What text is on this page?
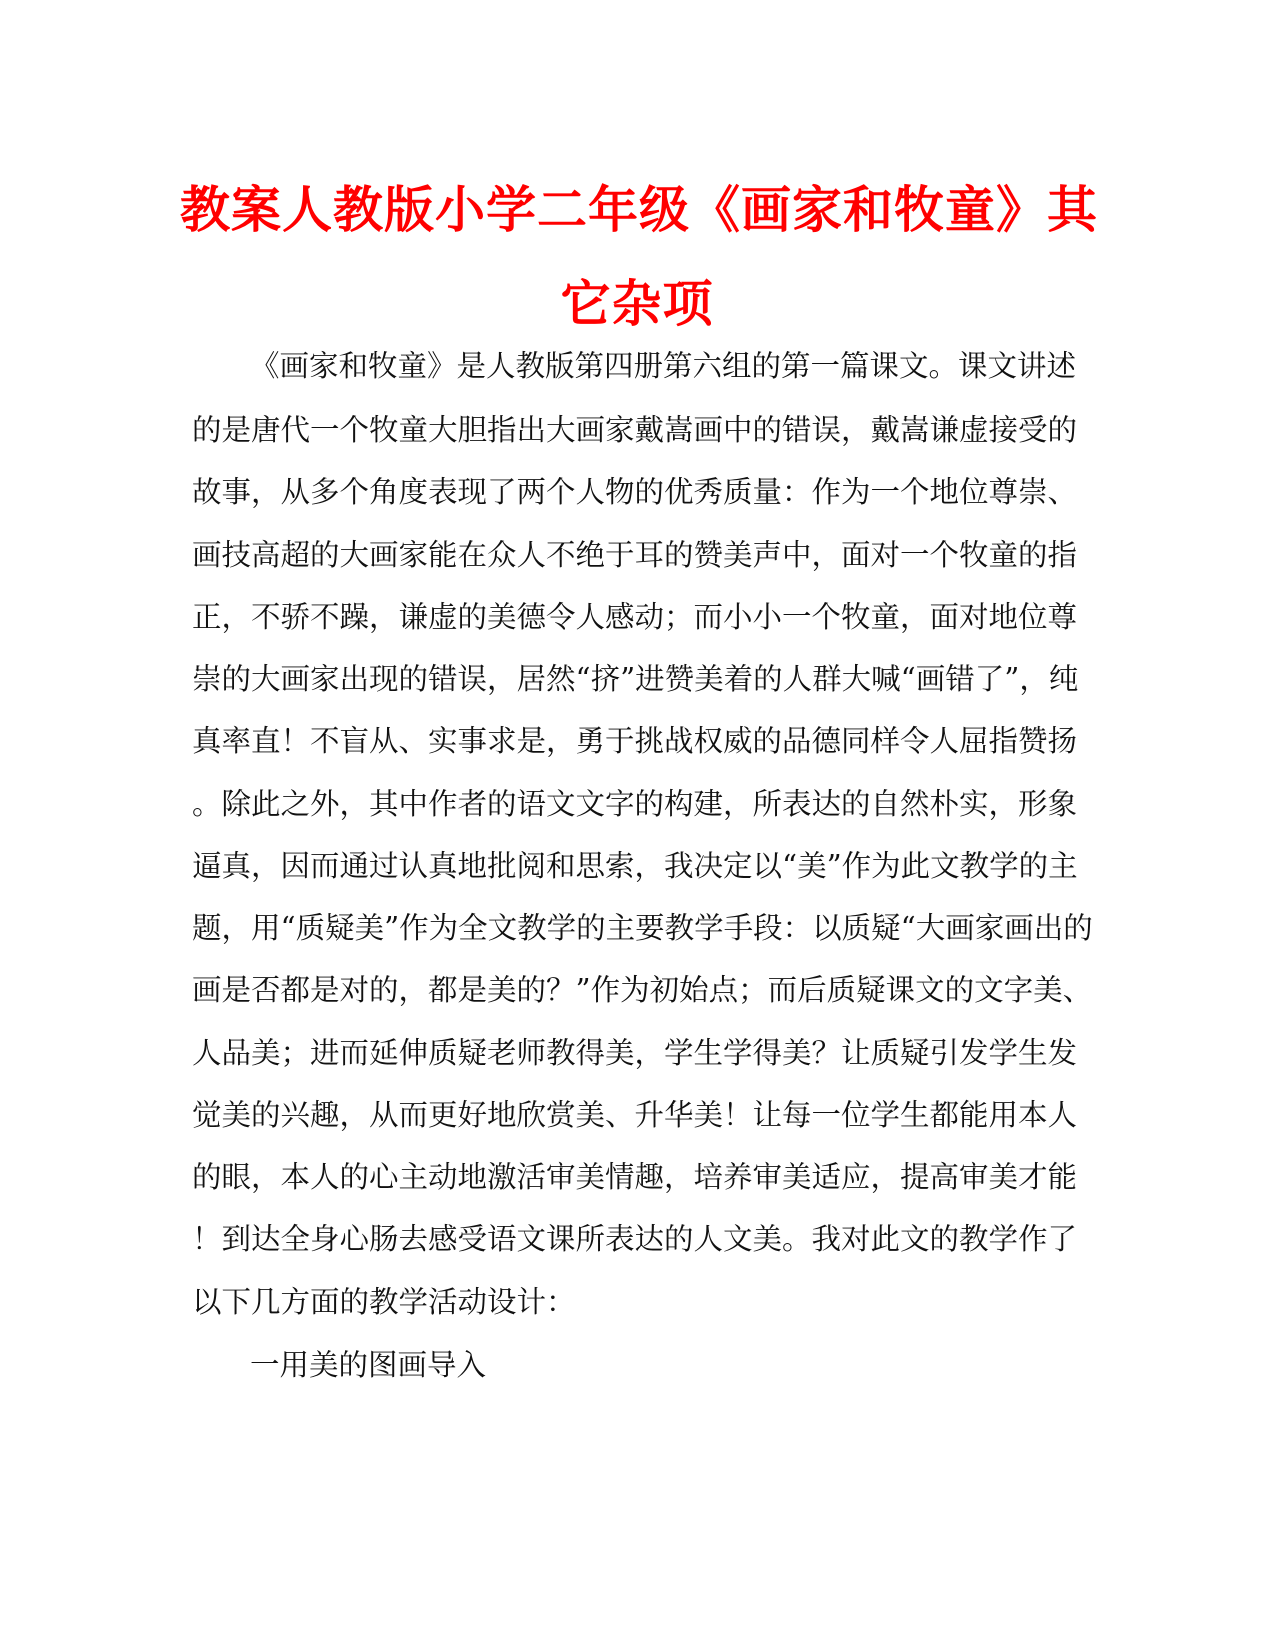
教案人教版小学二年级《画家和牧童》其
它杂项
《画家和牧童》是人教版第四册第六组的第一篇课文。课文讲述
的是唐代一个牧童大胆指出大画家戴嵩画中的错误，戴嵩谦虚接受的
故事，从多个角度表现了两个人物的优秀质量：作为一个地位尊崇、
画技高超的大画家能在众人不绝于耳的赞美声中，面对一个牧童的指
正，不骄不躁，谦虚的美德令人感动；而小小一个牧童，面对地位尊
崇的大画家出现的错误，居然“挤”进赞美着的人群大喊“画错了”，纯
真率直！不盲从、实事求是，勇于挑战权威的品德同样令人屈指赞扬
。除此之外，其中作者的语文文字的构建，所表达的自然朴实，形象
逼真，因而通过认真地批阅和思索，我决定以“美”作为此文教学的主
题，用“质疑美”作为全文教学的主要教学手段：以质疑“大画家画出的
画是否都是对的，都是美的？”作为初始点；而后质疑课文的文字美、
人品美；进而延伸质疑老师教得美，学生学得美？让质疑引发学生发
觉美的兴趣，从而更好地欣赏美、升华美！让每一位学生都能用本人
的眼，本人的心主动地激活审美情趣，培养审美适应，提高审美才能
！到达全身心肠去感受语文课所表达的人文美。我对此文的教学作了
以下几方面的教学活动设计：
一用美的图画导入
